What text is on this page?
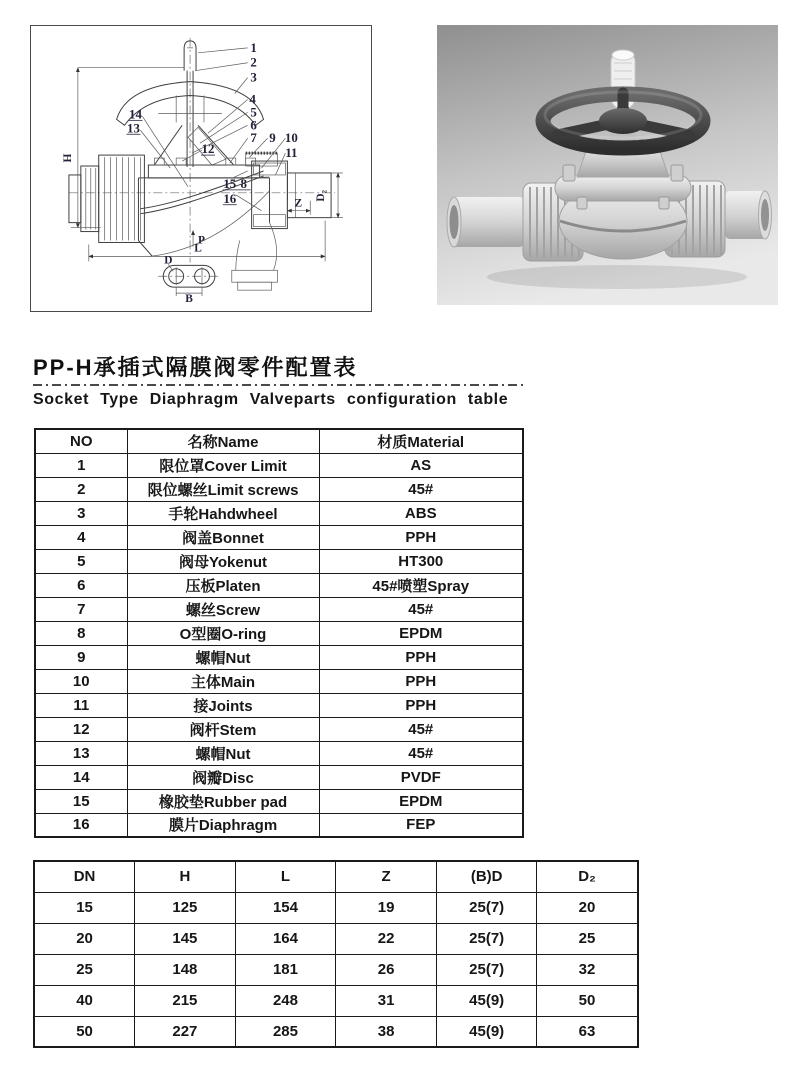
H
L
Z
D₂
P
D
B
1
2
3
4
5
6
7 9 10
11
12
13
14
15 8
16
PP-H承插式隔膜阀零件配置表
Socket Type Diaphragm Valveparts configuration table
NO	名称Name	材质Material
1	限位罩Cover Limit	AS
2	限位螺丝Limit screws	45#
3	手轮Hahdwheel	ABS
4	阀盖Bonnet	PPH
5	阀母Yokenut	HT300
6	压板Platen	45#喷塑Spray
7	螺丝Screw	45#
8	O型圈O-ring	EPDM
9	螺帽Nut	PPH
10	主体Main	PPH
11	接Joints	PPH
12	阀杆Stem	45#
13	螺帽Nut	45#
14	阀瓣Disc	PVDF
15	橡胶垫Rubber pad	EPDM
16	膜片Diaphragm	FEP
DN	H	L	Z	(B)D	D₂
15	125	154	19	25(7)	20
20	145	164	22	25(7)	25
25	148	181	26	25(7)	32
40	215	248	31	45(9)	50
50	227	285	38	45(9)	63
